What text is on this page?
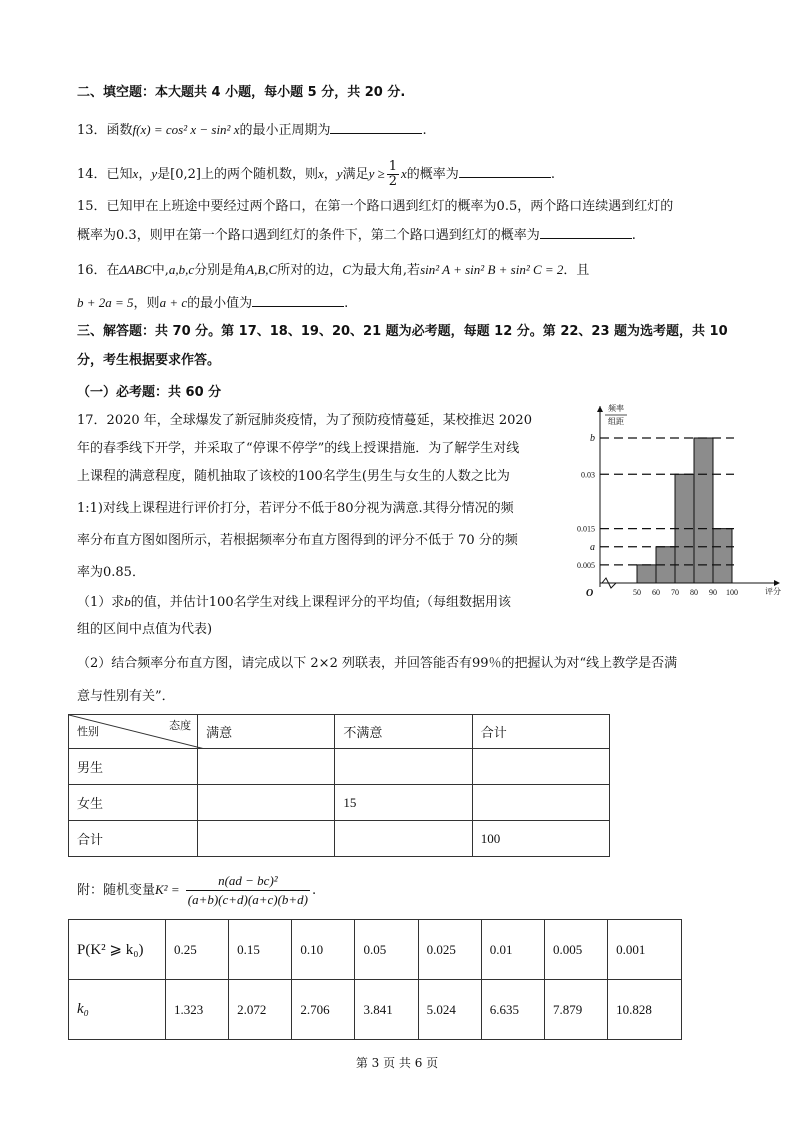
二、填空题：本大题共 4 小题，每小题 5 分，共 20 分.
13．函数f(x) = cos² x − sin² x的最小正周期为	.
14．已知x，y是[0,2]上的两个随机数，则x，y满足$y \ge \frac{1}{2}$ x的概率为	.
15．已知甲在上班途中要经过两个路口，在第一个路口遇到红灯的概率为0.5，两个路口连续遇到红灯的
概率为0.3，则甲在第一个路口遇到红灯的条件下，第二个路口遇到红灯的概率为	.
16．在ΔABC中,a,b,c分别是角A,B,C所对的边，C为最大角,若sin² A + sin² B + sin² C = 2．且
b + 2a = 5，则a + c的最小值为	.
三、解答题：共 70 分。第 17、18、19、20、21 题为必考题，每题 12 分。第 22、23 题为选考题，共 10
分，考生根据要求作答。
（一）必考题：共 60 分
17．2020 年，全球爆发了新冠肺炎疫情，为了预防疫情蔓延，某校推迟 2020
年的春季线下开学，并采取了“停课不停学”的线上授课措施．为了解学生对线
上课程的满意程度，随机抽取了该校的100名学生(男生与女生的人数之比为
1:1)对线上课程进行评价打分，若评分不低于80分视为满意.其得分情况的频
率分布直方图如图所示，若根据频率分布直方图得到的评分不低于 70 分的频
率为0.85．
（1）求b的值，并估计100名学生对线上课程评分的平均值;（每组数据用该
组的区间中点值为代表)
（2）结合频率分布直方图，请完成以下 2×2 列联表，并回答能否有99％的把握认为对“线上教学是否满
意与性别有关”．
0.005
a
0.015
0.03
b
50 60 70 80 90 100	评分
O
频率
组距
性别 态度	满意	不满意	合计
男生			
女生		15	
合计			100
附：随机变量$K^2 = \frac{\text{n(ad − bc)²}}{(a+b)(c+d)(a+c)(b+d)}$ .
P(K² ⩾ k₀)	0.25	0.15	0.10	0.05	0.025	0.01	0.005	0.001
k₀	1.323	2.072	2.706	3.841	5.024	6.635	7.879	10.828
第 3 页 共 6 页
